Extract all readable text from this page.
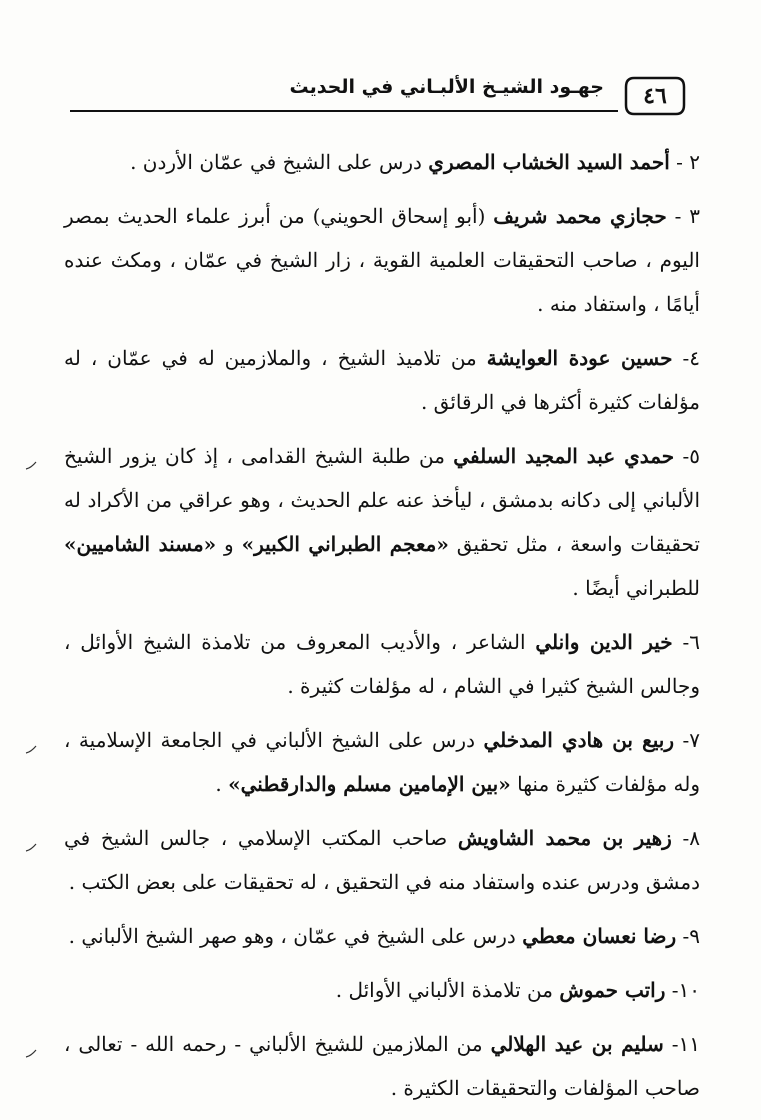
جهـود الشيـخ الألبـاني في الحديث	٤٦

٢ - أحمد السيد الخشاب المصري درس على الشيخ في عمّان الأردن .

٣ - حجازي محمد شريف (أبو إسحاق الحويني) من أبرز علماء الحديث بمصر اليوم ، صاحب التحقيقات العلمية القوية ، زار الشيخ في عمّان ، ومكث عنده أيامًا ، واستفاد منه .

٤- حسين عودة العوايشة من تلاميذ الشيخ ، والملازمين له في عمّان ، له مؤلفات كثيرة أكثرها في الرقائق .

٥- حمدي عبد المجيد السلفي من طلبة الشيخ القدامى ، إذ كان يزور الشيخ الألباني إلى دكانه بدمشق ، ليأخذ عنه علم الحديث ، وهو عراقي من الأكراد له تحقيقات واسعة ، مثل تحقيق «معجم الطبراني الكبير» و «مسند الشاميين» للطبراني أيضًا .

٦- خير الدين وانلي الشاعر ، والأديب المعروف من تلامذة الشيخ الأوائل ، وجالس الشيخ كثيرا في الشام ، له مؤلفات كثيرة .

٧- ربيع بن هادي المدخلي درس على الشيخ الألباني في الجامعة الإسلامية ، وله مؤلفات كثيرة منها «بين الإمامين مسلم والدارقطني» .

٨- زهير بن محمد الشاويش صاحب المكتب الإسلامي ، جالس الشيخ في دمشق ودرس عنده واستفاد منه في التحقيق ، له تحقيقات على بعض الكتب .

٩- رضا نعسان معطي درس على الشيخ في عمّان ، وهو صهر الشيخ الألباني .

١٠- راتب حموش من تلامذة الألباني الأوائل .

١١- سليم بن عيد الهلالي من الملازمين للشيخ الألباني - رحمه الله - تعالى ، صاحب المؤلفات والتحقيقات الكثيرة .
